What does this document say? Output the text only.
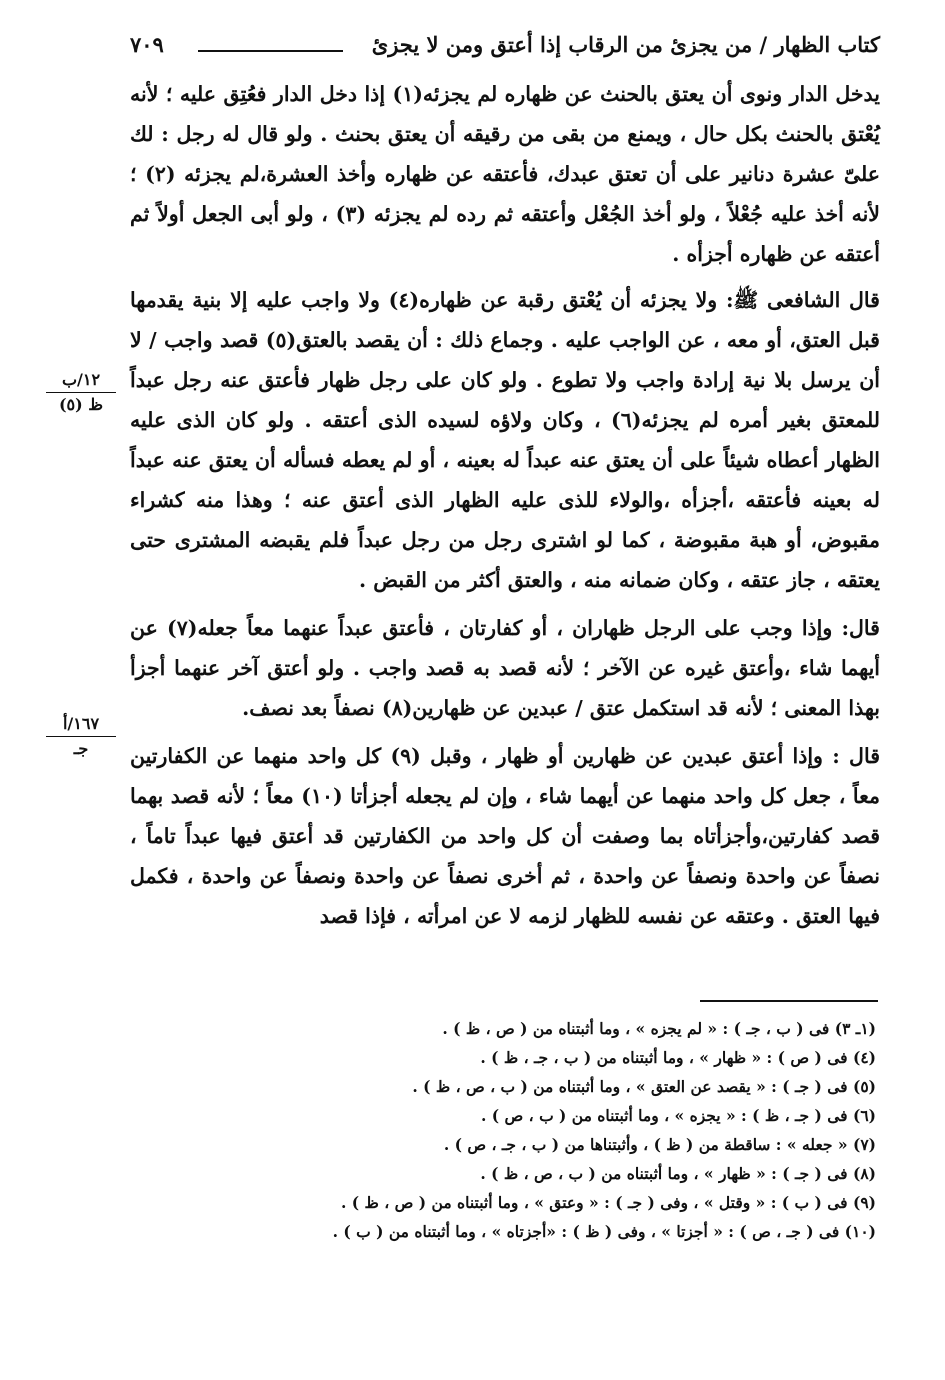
كتاب الظهار / من يجزئ من الرقاب إذا أعتق ومن لا يجزئ
٧٠٩

يدخل الدار ونوى أن يعتق بالحنث عن ظهاره لم يجزئه(١) إذا دخل الدار فعُتِق عليه ؛ لأنه يُعْتق بالحنث بكل حال ، ويمنع من بقى من رقيقه أن يعتق بحنث . ولو قال له رجل : لك علىّ عشرة دنانير على أن تعتق عبدك، فأعتقه عن ظهاره وأخذ العشرة،لم يجزئه (٢) ؛ لأنه أخذ عليه جُعْلاً ، ولو أخذ الجُعْل وأعتقه ثم رده لم يجزئه (٣) ، ولو أبى الجعل أولاً ثم أعتقه عن ظهاره أجزأه .

قال الشافعى ﷺ: ولا يجزئه أن يُعْتق رقبة عن ظهاره(٤) ولا واجب عليه إلا بنية يقدمها قبل العتق، أو معه ، عن الواجب عليه . وجماع ذلك : أن يقصد بالعتق(٥) قصد واجب / لا أن يرسل بلا نية إرادة واجب ولا تطوع . ولو كان على رجل ظهار فأعتق عنه رجل عبداً للمعتق بغير أمره لم يجزئه(٦) ، وكان ولاؤه لسيده الذى أعتقه . ولو كان الذى عليه الظهار أعطاه شيئاً على أن يعتق عنه عبداً له بعينه ، أو لم يعطه فسأله أن يعتق عنه عبداً له بعينه فأعتقه ،أجزأه ،والولاء للذى عليه الظهار الذى أعتق عنه ؛ وهذا منه كشراء مقبوض، أو هبة مقبوضة ، كما لو اشترى رجل من رجل عبداً فلم يقبضه المشترى حتى يعتقه ، جاز عتقه ، وكان ضمانه منه ، والعتق أكثر من القبض .

قال: وإذا وجب على الرجل ظهاران ، أو كفارتان ، فأعتق عبداً عنهما معاً جعله(٧) عن أيهما شاء ،وأعتق غيره عن الآخر ؛ لأنه قصد به قصد واجب . ولو أعتق آخر عنهما أجزأ بهذا المعنى ؛ لأنه قد استكمل عتق / عبدين عن ظهارين(٨) نصفاً بعد نصف.

قال : وإذا أعتق عبدين عن ظهارين أو ظهار ، وقبل (٩) كل واحد منهما عن الكفارتين معاً ، جعل كل واحد منهما عن أيهما شاء ، وإن لم يجعله أجزأتا (١٠) معاً ؛ لأنه قصد بهما قصد كفارتين،وأجزأتاه بما وصفت أن كل واحد من الكفارتين قد أعتق فيها عبداً تاماً ، نصفاً عن واحدة ونصفاً عن واحدة ، ثم أخرى نصفاً عن واحدة ونصفاً عن واحدة ، فكمل فيها العتق . وعتقه عن نفسه للظهار لزمه لا عن امرأته ، فإذا قصد

١٢/ب
ظ (٥)
١٦٧/أ
جـ

(١ـ ٣) فى ( ب ، جـ ) : « لم يجزه » ، وما أثبتناه من ( ص ، ظ ) .

(٤) فى ( ص ) : « ظهار » ، وما أثبتناه من ( ب ، جـ ، ظ ) .

(٥) فى ( جـ ) : « يقصد عن العتق » ، وما أثبتناه من ( ب ، ص ، ظ ) .

(٦) فى ( جـ ، ظ ) : « يجزه » ، وما أثبتناه من ( ب ، ص ) .

(٧) « جعله » : ساقطة من ( ظ ) ، وأثبتناها من ( ب ، جـ ، ص ) .

(٨) فى ( جـ ) : « ظهار » ، وما أثبتناه من ( ب ، ص ، ظ ) .

(٩) فى ( ب ) : « وقتل » ، وفى ( جـ ) : « وعتق » ، وما أثبتناه من ( ص ، ظ ) .

(١٠) فى ( جـ ، ص ) : « أجزتا » ، وفى ( ظ ) : «أجزتاه » ، وما أثبتناه من ( ب ) .
